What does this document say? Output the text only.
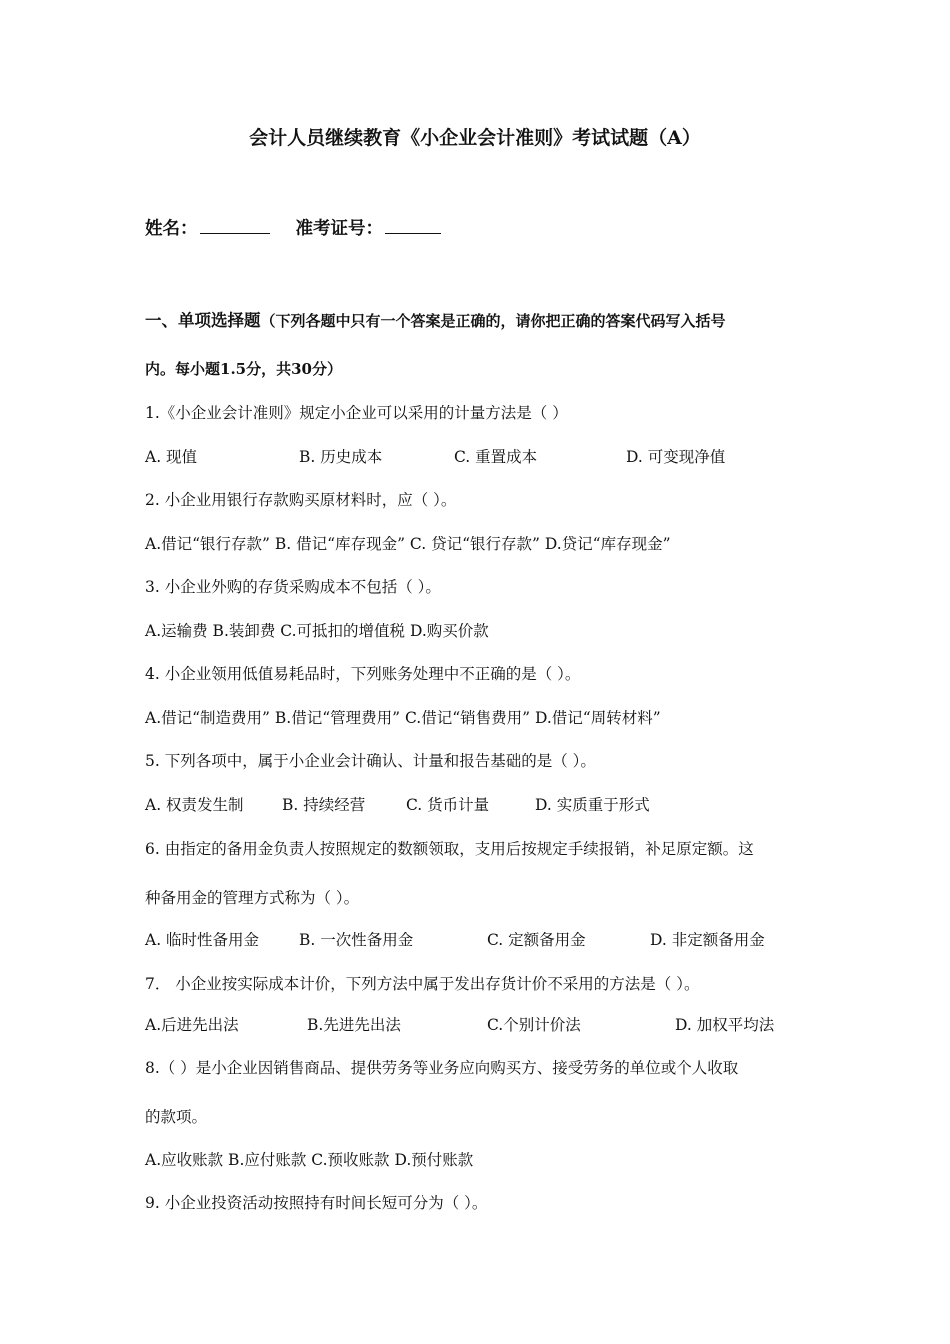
会计人员继续教育《小企业会计准则》考试试题（A）
姓名：	准考证号：
一、单项选择题（下列各题中只有一个答案是正确的，请你把正确的答案代码写入括号
内。每小题1.5分，共30分）
1.《小企业会计准则》规定小企业可以采用的计量方法是（ ）
A. 现值	B. 历史成本	C. 重置成本	D. 可变现净值
2. 小企业用银行存款购买原材料时，应（ ）。
A.借记“银行存款” B. 借记“库存现金” C. 贷记“银行存款” D.贷记“库存现金”
3. 小企业外购的存货采购成本不包括（ ）。
A.运输费 B.装卸费 C.可抵扣的增值税 D.购买价款
4. 小企业领用低值易耗品时，下列账务处理中不正确的是（ ）。
A.借记“制造费用” B.借记“管理费用” C.借记“销售费用” D.借记“周转材料”
5. 下列各项中，属于小企业会计确认、计量和报告基础的是（ ）。
A. 权责发生制 B. 持续经营	C. 货币计量	D. 实质重于形式
6. 由指定的备用金负责人按照规定的数额领取，支用后按规定手续报销，补足原定额。这
种备用金的管理方式称为（ ）。
A. 临时性备用金	B. 一次性备用金	C. 定额备用金	D. 非定额备用金
7． 小企业按实际成本计价，下列方法中属于发出存货计价不采用的方法是（ ）。
A.后进先出法	B.先进先出法	C.个别计价法	D. 加权平均法
8.（ ）是小企业因销售商品、提供劳务等业务应向购买方、接受劳务的单位或个人收取
的款项。
A.应收账款 B.应付账款 C.预收账款 D.预付账款
9. 小企业投资活动按照持有时间长短可分为（ ）。
